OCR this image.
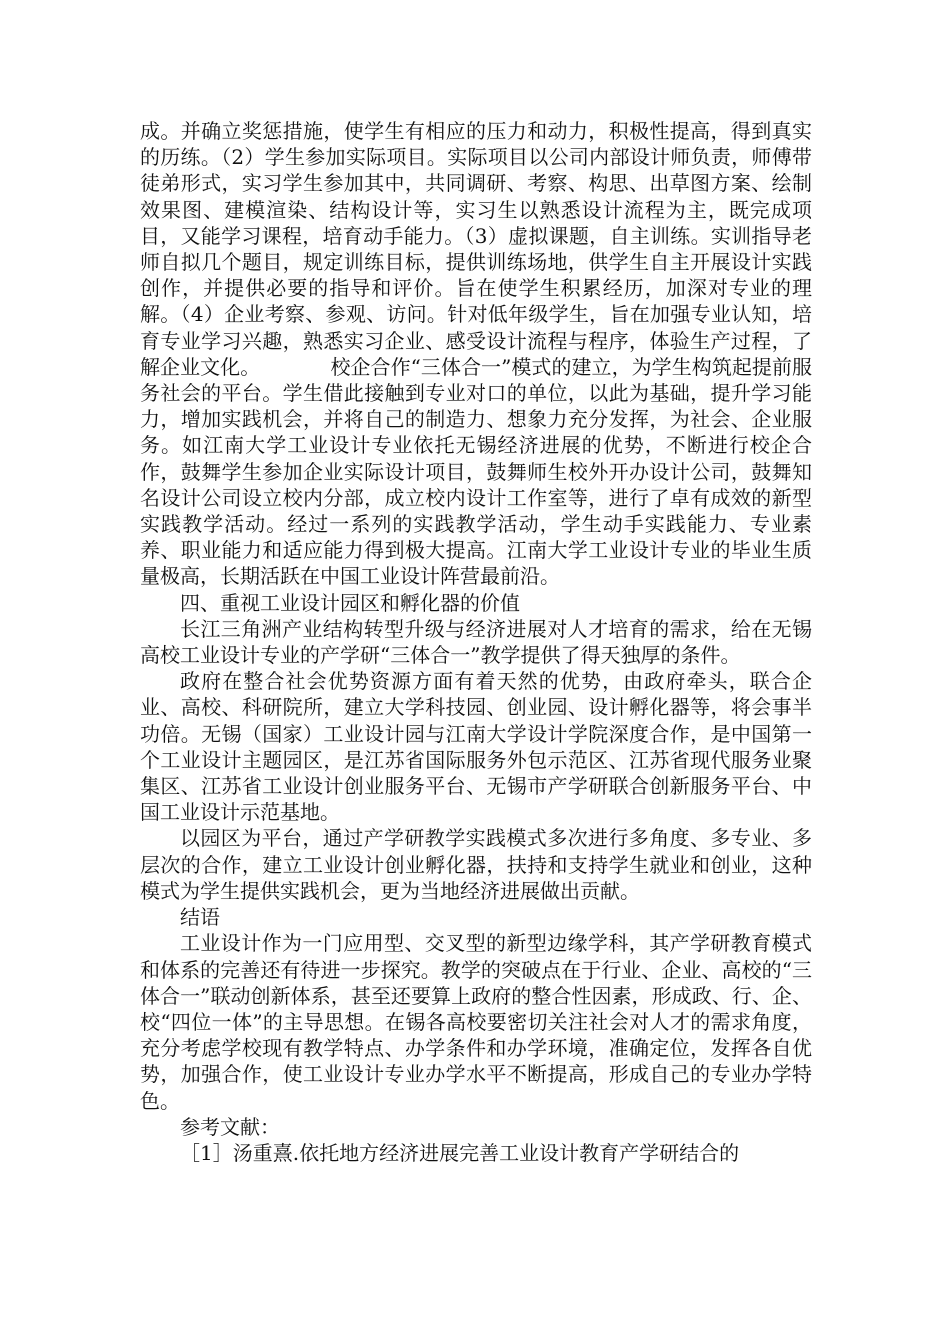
成。并确立奖惩措施，使学生有相应的压力和动力，积极性提高，得到真实的历练。（2）学生参加实际项目。实际项目以公司内部设计师负责，师傅带徒弟形式，实习学生参加其中，共同调研、考察、构思、出草图方案、绘制效果图、建模渲染、结构设计等，实习生以熟悉设计流程为主，既完成项目，又能学习课程，培育动手能力。（3）虚拟课题，自主训练。实训指导老师自拟几个题目，规定训练目标，提供训练场地，供学生自主开展设计实践创作，并提供必要的指导和评价。旨在使学生积累经历，加深对专业的理解。（4）企业考察、参观、访问。针对低年级学生，旨在加强专业认知，培育专业学习兴趣，熟悉实习企业、感受设计流程与程序，体验生产过程，了解企业文化。　　　　校企合作“三体合一”模式的建立，为学生构筑起提前服务社会的平台。学生借此接触到专业对口的单位，以此为基础，提升学习能力，增加实践机会，并将自己的制造力、想象力充分发挥，为社会、企业服务。如江南大学工业设计专业依托无锡经济进展的优势，不断进行校企合作，鼓舞学生参加企业实际设计项目，鼓舞师生校外开办设计公司，鼓舞知名设计公司设立校内分部，成立校内设计工作室等，进行了卓有成效的新型实践教学活动。经过一系列的实践教学活动，学生动手实践能力、专业素养、职业能力和适应能力得到极大提高。江南大学工业设计专业的毕业生质量极高，长期活跃在中国工业设计阵营最前沿。

四、重视工业设计园区和孵化器的价值

长江三角洲产业结构转型升级与经济进展对人才培育的需求，给在无锡高校工业设计专业的产学研“三体合一”教学提供了得天独厚的条件。

政府在整合社会优势资源方面有着天然的优势，由政府牵头，联合企业、高校、科研院所，建立大学科技园、创业园、设计孵化器等，将会事半功倍。无锡（国家）工业设计园与江南大学设计学院深度合作，是中国第一个工业设计主题园区，是江苏省国际服务外包示范区、江苏省现代服务业聚集区、江苏省工业设计创业服务平台、无锡市产学研联合创新服务平台、中国工业设计示范基地。

以园区为平台，通过产学研教学实践模式多次进行多角度、多专业、多层次的合作，建立工业设计创业孵化器，扶持和支持学生就业和创业，这种模式为学生提供实践机会，更为当地经济进展做出贡献。

结语

工业设计作为一门应用型、交叉型的新型边缘学科，其产学研教育模式和体系的完善还有待进一步探究。教学的突破点在于行业、企业、高校的“三体合一”联动创新体系，甚至还要算上政府的整合性因素，形成政、行、企、校“四位一体”的主导思想。在锡各高校要密切关注社会对人才的需求角度，充分考虑学校现有教学特点、办学条件和办学环境，准确定位，发挥各自优势，加强合作，使工业设计专业办学水平不断提高，形成自己的专业办学特色。

参考文献：

［1］汤重熹.依托地方经济进展完善工业设计教育产学研结合的
